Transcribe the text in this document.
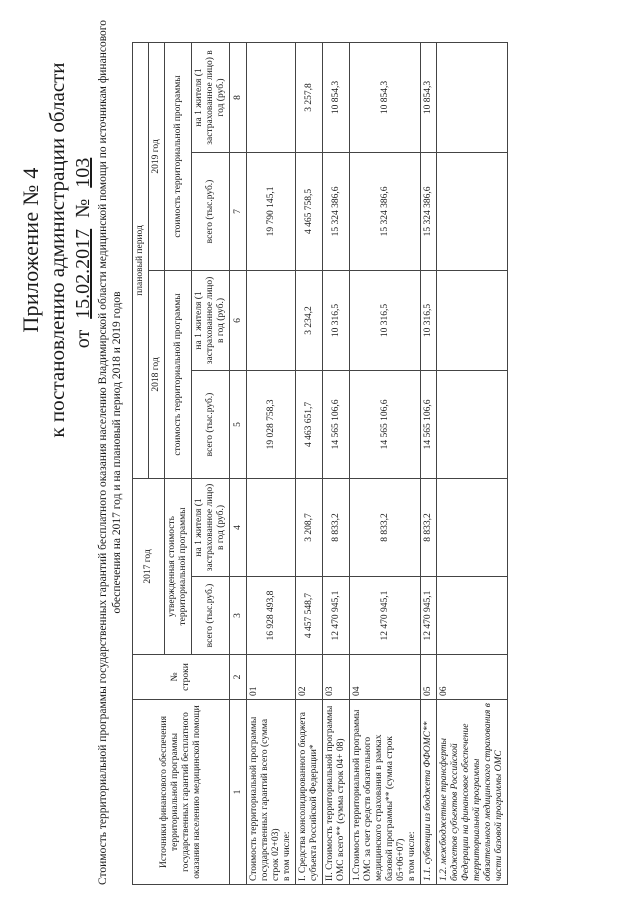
Приложение № 4 к постановлению администрации области от 15.02.2017 № 103 Стоимость территориальной программы государственных гарантий бесплатного оказания населению Владимирской области медицинской помощи по источникам финансового обеспечения на 2017 год и на плановый период 2018 и 2019 годов
Источники финансового обеспечения территориальной программы государственных гарантий бесплатного оказания населению медицинской помощи	№ строки	2017 год		плановый период			
				2018 год		2019 год	
		утвержденная стоимость территориальной программы		стоимость территориальной программы		стоимость территориальной программы	
		всего (тыс.руб.)	на 1 жителя (1 застрахованное лицо) в год (руб.)	всего (тыс.руб.)	на 1 жителя (1 застрахованное лицо) в год (руб.)	всего (тыс.руб.)	на 1 жителя (1 застрахованное лицо) в год (руб.)
1	2	3	4	5	6	7	8
Стоимость территориальной программы государственных гарантий всего (сумма строк 02+03)
в том числе:	01	16 928 493,8		19 028 758,3		19 790 145,1	
I. Средства консолидированного бюджета субъекта Российской Федерации*	02	4 457 548,7	3 208,7	4 463 651,7	3 234,2	4 465 758,5	3 257,8
II. Стоимость территориальной программы ОМС всего** (сумма строк 04+ 08)	03	12 470 945,1	8 833,2	14 565 106,6	10 316,5	15 324 386,6	10 854,3
1.Стоимость территориальной программы ОМС за счет средств обязательного медицинского страхования в рамках базовой программы** (сумма строк 05+06+07)
в том числе:	04	12 470 945,1	8 833,2	14 565 106,6	10 316,5	15 324 386,6	10 854,3
1.1. субвенции из бюджета ФФОМС**	05	12 470 945,1	8 833,2	14 565 106,6	10 316,5	15 324 386,6	10 854,3
1.2. межбюджетные трансферты бюджетов субъектов Российской Федерации на финансовое обеспечение территориальной программы обязательного медицинского страхования в части базовой программы ОМС	06						
